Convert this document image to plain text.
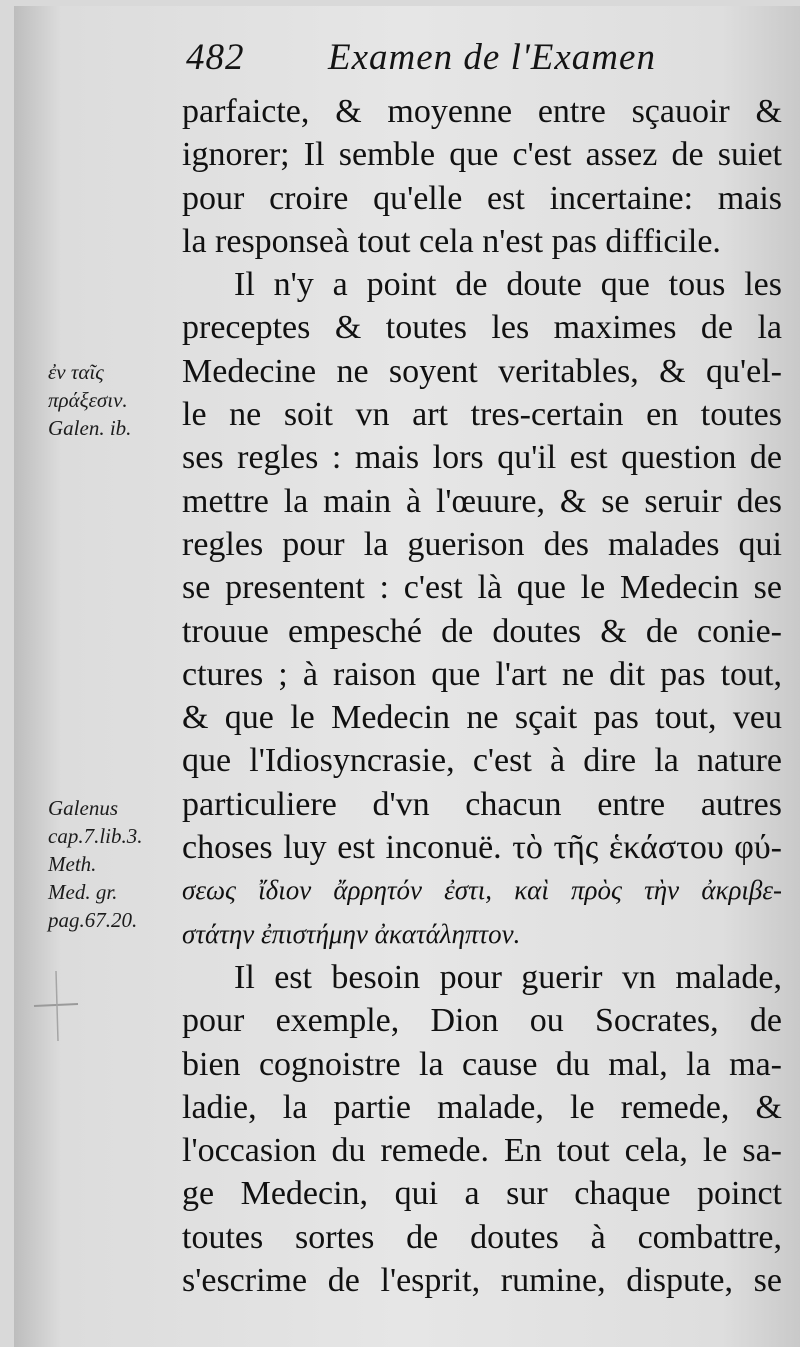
482 Examen de l'Examen
ἐν ταῖς
πράξεσιν.
Galen. ib.
Galenus
cap.7.lib.3.
Meth.
Med. gr.
pag.67.20.
parfaicte, & moyenne entre sçauoir &
ignorer; Il semble que c'est assez de suiet
pour croire qu'elle est incertaine: mais
la responseà tout cela n'est pas difficile.
Il n'y a point de doute que tous les
preceptes & toutes les maximes de la
Medecine ne soyent veritables, & qu'el-
le ne soit vn art tres-certain en toutes
ses regles : mais lors qu'il est question de
mettre la main à l'œuure, & se seruir des
regles pour la guerison des malades qui
se presentent : c'est là que le Medecin se
trouue empesché de doutes & de conie-
ctures ; à raison que l'art ne dit pas tout,
& que le Medecin ne sçait pas tout, veu
que l'Idiosyncrasie, c'est à dire la nature
particuliere d'vn chacun entre autres
choses luy est inconuë. τὸ τῆς ἑκάστου φύ-
σεως ἴδιον ἄρρητόν ἐστι, καὶ πρὸς τὴν ἀκριβε-
στάτην ἐπιστήμην ἀκατάληπτον.
Il est besoin pour guerir vn malade,
pour exemple, Dion ou Socrates, de
bien cognoistre la cause du mal, la ma-
ladie, la partie malade, le remede, &
l'occasion du remede. En tout cela, le sa-
ge Medecin, qui a sur chaque poinct
toutes sortes de doutes à combattre,
s'escrime de l'esprit, rumine, dispute, se
